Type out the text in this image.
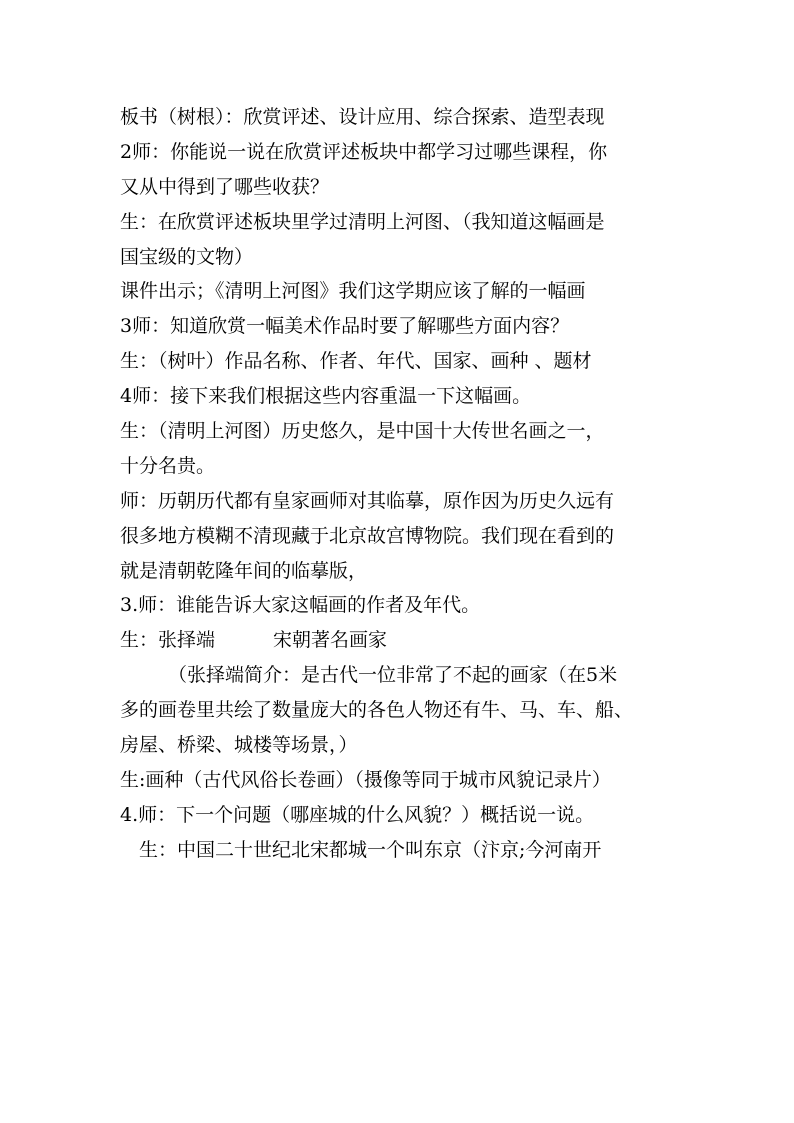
板书（树根）：欣赏评述、设计应用、综合探索、造型表现
2师：你能说一说在欣赏评述板块中都学习过哪些课程，你
又从中得到了哪些收获？
生：在欣赏评述板块里学过清明上河图、（我知道这幅画是
国宝级的文物）
课件出示；《清明上河图》我们这学期应该了解的一幅画
3师：知道欣赏一幅美术作品时要了解哪些方面内容？
生：（树叶）作品名称、作者、年代、国家、画种 、题材
4师：接下来我们根据这些内容重温一下这幅画。
生：（清明上河图）历史悠久，是中国十大传世名画之一，
十分名贵。
师：历朝历代都有皇家画师对其临摹，原作因为历史久远有
很多地方模糊不清现藏于北京故宫博物院。我们现在看到的
就是清朝乾隆年间的临摹版，
3.师：谁能告诉大家这幅画的作者及年代。
生：张择端	宋朝著名画家
（张择端简介：是古代一位非常了不起的画家（在5米
多的画卷里共绘了数量庞大的各色人物还有牛、马、车、船、
房屋、桥梁、城楼等场景，）
生:画种（古代风俗长卷画）（摄像等同于城市风貌记录片）
4.师：下一个问题（哪座城的什么风貌？）概括说一说。
生：中国二十世纪北宋都城一个叫东京（汴京;今河南开
